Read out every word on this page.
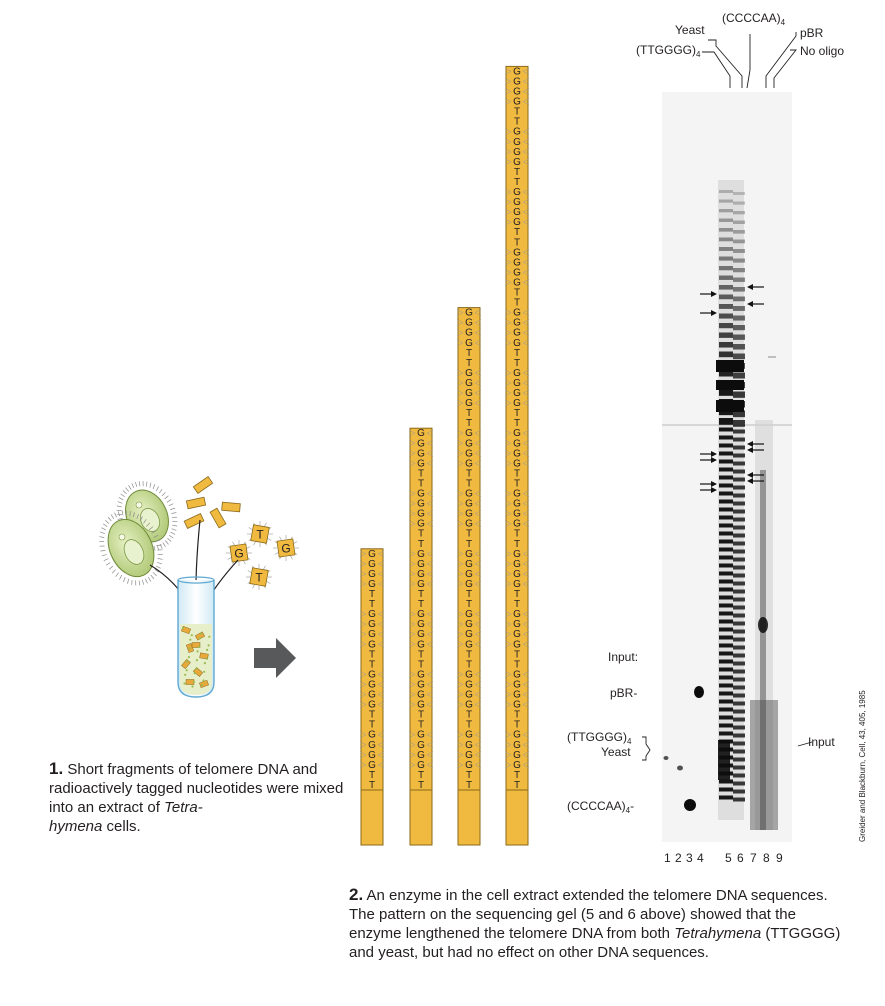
G
T
G
T
G
G
G
G
T
T
G
G
G
G
T
T
G
G
G
G
T
T
G
G
G
G
T
T
G
G
G
G
T
T
G
G
G
G
T
T
G
G
G
G
T
T
G
G
G
G
T
T
G
G
G
G
T
T
G
G
G
G
T
T
G
G
G
G
T
T
G
G
G
G
T
T
G
G
G
G
T
T
G
G
G
G
T
T
G
G
G
G
T
T
G
G
G
G
T
T
G
G
G
G
T
T
G
G
G
G
T
T
G
G
G
G
T
T
G
G
G
G
T
T
G
G
G
G
T
T
G
G
G
G
T
T
G
G
G
G
T
T
G
G
G
G
T
T
G
G
G
G
T
T
G
G
G
G
T
T
G
G
G
G
T
T
G
G
G
G
T
T
G
G
G
G
T
T
G
G
G
G
T
T
Yeast
$(CCCCAA)_4$
pBR
$(TTGGGG)_4$	No oligo
Input:
pBR-
$(TTGGGG)_4$
Yeast
$(CCCCAA)_4-$
Input
1 2 3 4 5 6 7 8 9
Greider and Blackburn, Cell, 43, 405, 1985
1. Short fragments of telomere DNA and radioactively tagged nucleotides were mixed into an extract of Tetra-
hymena cells.
2. An enzyme in the cell extract extended the telomere DNA sequences. The pattern on the sequencing gel (5 and 6 above) showed that the enzyme lengthened the telomere DNA from both Tetrahymena (TTGGGG) and yeast, but had no effect on other DNA sequences.
